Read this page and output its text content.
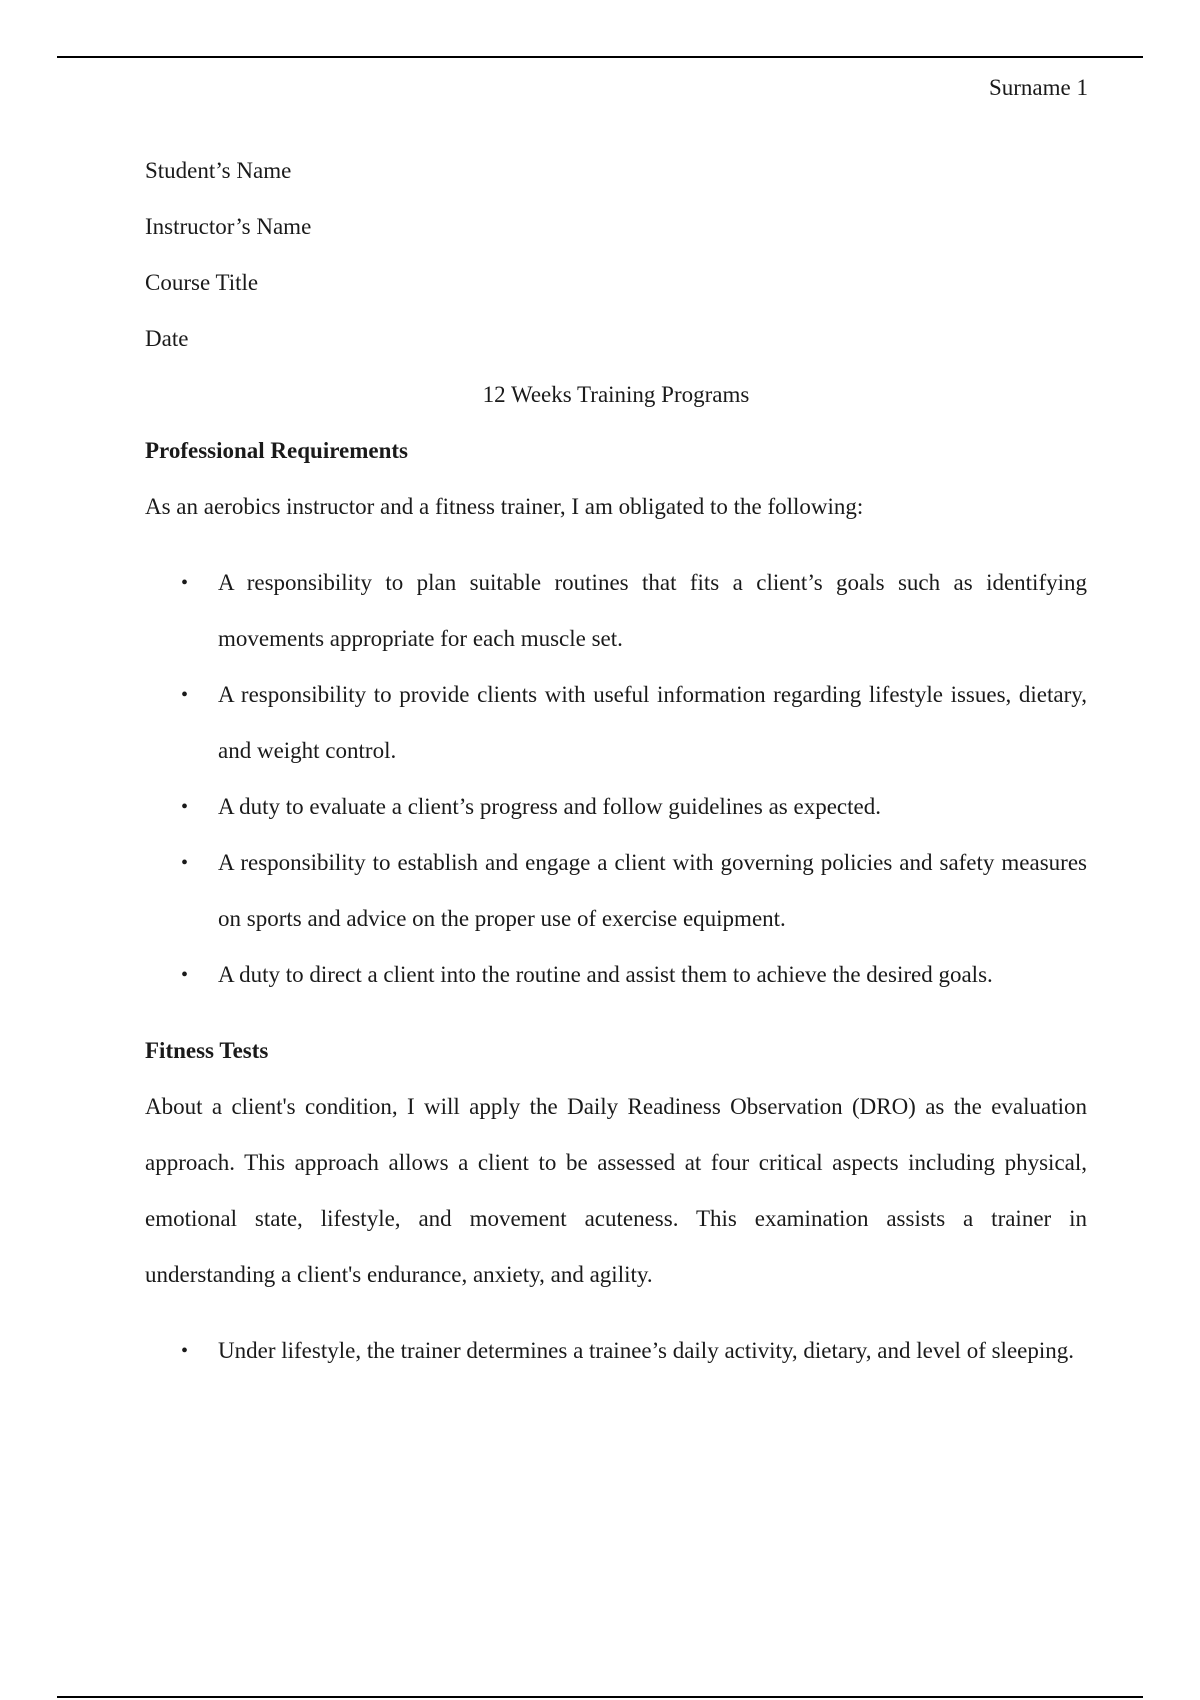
Surname 1

Student’s Name

Instructor’s Name

Course Title

Date

12 Weeks Training Programs

Professional Requirements

As an aerobics instructor and a fitness trainer, I am obligated to the following:

• A responsibility to plan suitable routines that fits a client’s goals such as identifying movements appropriate for each muscle set.
• A responsibility to provide clients with useful information regarding lifestyle issues, dietary, and weight control.
• A duty to evaluate a client’s progress and follow guidelines as expected.
• A responsibility to establish and engage a client with governing policies and safety measures on sports and advice on the proper use of exercise equipment.
• A duty to direct a client into the routine and assist them to achieve the desired goals.

Fitness Tests

About a client's condition, I will apply the Daily Readiness Observation (DRO) as the evaluation approach. This approach allows a client to be assessed at four critical aspects including physical, emotional state, lifestyle, and movement acuteness. This examination assists a trainer in understanding a client's endurance, anxiety, and agility.

• Under lifestyle, the trainer determines a trainee’s daily activity, dietary, and level of sleeping.
